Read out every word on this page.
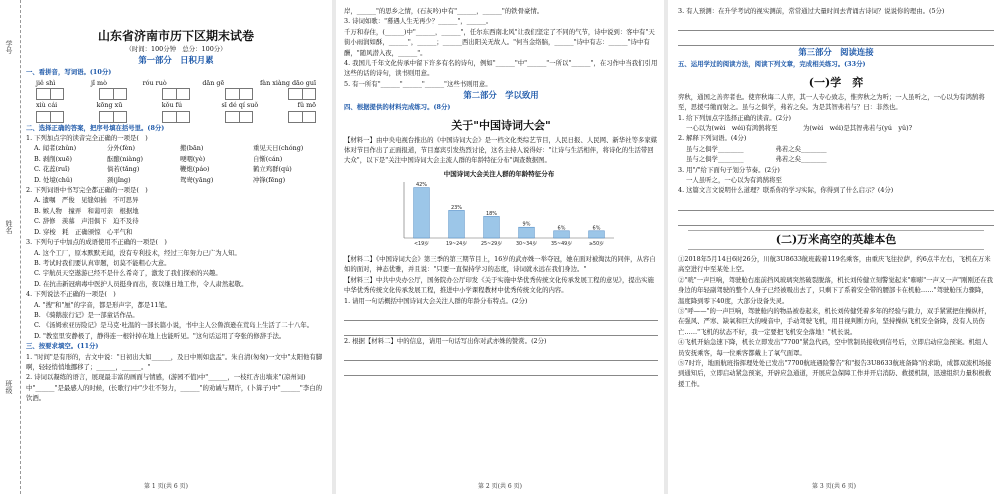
学号
姓名
班级
山东省济南市历下区期末试卷
（时间：100分钟　总分：100分）
第一部分　日积月累
一、看拼音，写词语。(10分)
jiě shì	jǐ mò	róu ruò	dān gē	fàn xiàng dāo guī
xiù cái	kōng xū	kǒu fú	sī dé qí suǒ	fǔ mō
二、选择正确的答案，把序号填在括号里。(8分)
1. 下列加点字的读音完全正确的一项是(　)
A. 闻者(zhǔn)	分外(fèn)	搬(bān)	重见天日(chóng)
B. 剥削(xuē)	酝酿(niàng)	哽咽(yè)	自惭(cán)
C. 花蕊(ruǐ)	倘若(tǎng)	鞭炮(páo)	鹤立鸡群(qú)
D. 处境(chǔ)	颈(jǐng)	鸳鸯(yāng)	冲锋(fēng)
2. 下列词语中书写完全都正确的一项是(　)
A. 遗嘱　严俊　见缝如插　不可思异
B. 嫉人物　撞弄　和蔼可亲　根据地
C. 辞修　羡慕　声泪俱下　迫不及待
D. 穿梭　耗　正确颁惊　心平气和
3. 下列句子中加点的成语使用不正确的一项是(　)
A. 这个工厂，原本默默无闻，没有专利技术，经过三年努力已广为人知。
B. 考试时我们要认真审题，切莫不能粗心大意。
C. 宇航员天空遨游已经不是什么希奇了，激发了我们探索的兴趣。
D. 在抗击新冠病毒中医护人员挺身而出，夜以继日地工作，令人肃然起敬。
4. 下列说法不正确的一项是(　)
A. "搜"和"厘"的字音，都是形声字，都是11笔。
B. 《骑鹅旅行记》是一部童话作品。
C. 《汤姆索亚历险记》是马克·吐温的一部长篇小说，书中主人公鲁滨逊在荒岛上生活了二十八年。
D. "教室里安静极了，静得连一根针掉在地上也能听见。"这句话运用了夸张的修辞手法。
三、按要求填空。(11分)
1. "时间"是有形的，古文中说："日初出大如______，及日中则如盘盂"。朱自清(匆匆)一文中"太阳他有脚啊，轻轻悄悄地挪移了；______，______。"
2. 诗词以凝练的语言，展现最丰富的画面与情感，(游园不值)中"______，一枝红杏出墙来"(凉州词)中"______"是最感人的时候，(长歌行)中"少壮不努力，______"的劝诫与期许，(卜算子)中"______"李白的饮酒。
第 1 页(共 6 页)
岸，______"的思乡之情，(石灰吟)中有"______，______"的铁骨豪情。
3. 诗词如歌："蓦遇人生无再少？______"，______。
千万和春住，(______)中"______，______"，任尔东西南北风"让我们坚定了不同的气节，诗中说到：客中有"天街小雨润如酥，______"，______；______西出阳关无故人。"何当金络脑，______"诗中有志：______"诗中有酬，"随风潜入夜，______"。
4. 我国儿千年文化传承中留下许多有名的诗句，例如"______"中"______"一所以"______"，在习作中当我们引用这些的话的诗句，读书则用意。
5. 有一所有"______"______"______"这些书则用意。
第二部分　学以致用
四、根据提供的材料完成练习。(8分)
关于"中国诗词大会"
【材料一】由中央电视台推出的《中国诗词大会》是一档文化类综艺节目，人民日报、人民网、新华社等多家媒体对节目作出了正面报道，节目嘉宾引发热烈讨论，这名主持人说得好："让诗与生活相伴，将诗化的生活带回大众"，以下是"关注中国诗词大会主流人群的年龄特征分布"调查数据图。
中国诗词大会关注人群的年龄特征分布
42%
<19岁
23%
19~24岁
18%
25~29岁
9%
30~34岁
6%
35~49岁
6%
≥50岁
【材料二】《中国诗词大会》第三季的第三期节目上，16岁的武亦姝一举夺冠，她在面对被淘汰的同伴，从容自如的面对，神态优雅，并且说："只要一直保持学习的态度，诗词就永远在我们身边。"
【材料三】中共中央办公厅，国务院办公厅印发《关于实施中华优秀传统文化传承发展工程的意见》，提出实施中华优秀传统文化传承发展工程，推进中小学课程教材中优秀传统文化的内容。
1. 请用一句话概括中国诗词大会关注人群的年龄分布特点。(2分)
2. 根据【材料二】中的信息，请用一句话写出你对武亦姝的赞赏。(2分)
第 2 页(共 6 页)
3. 有人预测：在升学考试的视实测前，常常通过大量时间去背诵古诗词？说说你的理由。(5分)
第三部分　阅读连接
五、运用学过的阅读方法，阅读下列文章，完成相关练习。(33分)
(一)学　弈
弈秋，通国之善弈者也。使弈秋诲二人弈，其一人专心致志，惟弈秋之为听；一人虽听之，一心以为有鸿鹄将至，思援弓缴而射之。虽与之俱学，弗若之矣。为是其智弗若与？曰：非然也。
1. 给下列加点字选择正确的读音。(2分)
一心以为(wèi　wéi)有鸿鹄将至　　　　为(wèi　wéi)是其智弗若与(yú　yǔ)?
2. 解释下列词语。(4分)
虽与之俱学________　　　　　弗若之矣________
虽与之俱学________　　　　　弗若之矣________
3. 用"/"给下面句子划分节奏。(2分)
一人虽听之，一心以为有鸿鹄将至
4. 这篇文言文说明什么道理？联系你的学习实际，你得到了什么启示？(4分)
(二)万米高空的英雄本色
①2018年5月14日6时26分，川航3U8633航班载着119名乘客，由重庆飞往拉萨，约6点半左右，飞机在万米高空进行中至某处上空。
②"咣"一声巨响，驾驶舱右座前挡风玻璃突然破裂脱落，机长刘传健立刻警觉起来"嘭嘭"一声又一声"刚刚还在我身边的年轻副驾驶的整个人身子已经被吸出去了，只剩下了系着安全带的腰部卡在机舱……"驾驶舱压力骤降，温度降到零下40度，大部分设备失灵。
③"呼——"的一声巨响，驾驶舱内的物品被卷起来，机长刘传健凭着多年的经验与毅力，双手紧紧把住操纵杆，在强风、严寒、缺氧和巨大的噪音中，手动驾驶飞机，用目视判断方向，坚持操纵飞机安全备降，没有人员伤亡……"飞机的状态不好，我一定要把飞机安全落地！"机长说。
④飞机开始急速下降，机长立即发出"7700"紧急代码，空中管制员接收到信号后，立即启动应急预案。机组人员安抚乘客，每一位乘客都戴上了氧气面罩。
⑤7时许，地面航班指挥理处处已发出"7700航班遇险警告"和"报告3U8633航班备降"的求助，成都双流机场接到通知后，立即启动紧急预案，开辟应急通道，开展应急保障工作并开启消防、救援机制，迅速组织力量积极救援工作。
第 3 页(共 6 页)
